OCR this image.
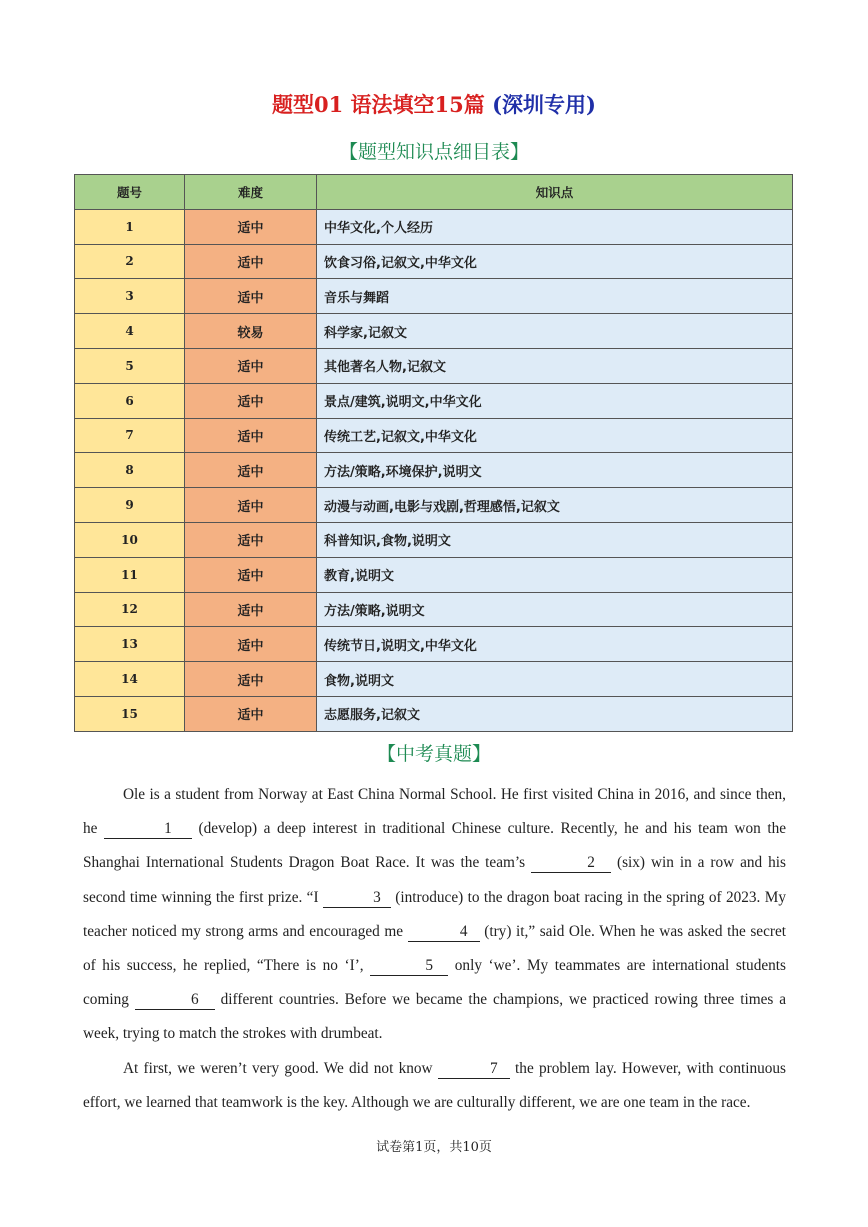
题型01 语法填空15篇 (深圳专用)
【题型知识点细目表】
题号	难度	知识点
1	适中	中华文化,个人经历
2	适中	饮食习俗,记叙文,中华文化
3	适中	音乐与舞蹈
4	较易	科学家,记叙文
5	适中	其他著名人物,记叙文
6	适中	景点/建筑,说明文,中华文化
7	适中	传统工艺,记叙文,中华文化
8	适中	方法/策略,环境保护,说明文
9	适中	动漫与动画,电影与戏剧,哲理感悟,记叙文
10	适中	科普知识,食物,说明文
11	适中	教育,说明文
12	适中	方法/策略,说明文
13	适中	传统节日,说明文,中华文化
14	适中	食物,说明文
15	适中	志愿服务,记叙文
【中考真题】

Ole is a student from Norway at East China Normal School. He first visited China in 2016, and since then, he	1 (develop) a deep interest in traditional Chinese culture. Recently, he and his team won the Shanghai International Students Dragon Boat Race. It was the team’s	2 (six) win in a row and his second time winning the first prize. “I	3 (introduce) to the dragon boat racing in the spring of 2023. My teacher noticed my strong arms and encouraged me	4 (try) it,” said Ole. When he was asked the secret of his success, he replied, “There is no ‘I’,	5 only ‘we’. My teammates are international students coming	6 different countries. Before we became the champions, we practiced rowing three times a week, trying to match the strokes with drumbeat.

At first, we weren’t very good. We did not know	7 the problem lay. However, with continuous effort, we learned that teamwork is the key. Although we are culturally different, we are one team in the race.

试卷第1页，共10页
